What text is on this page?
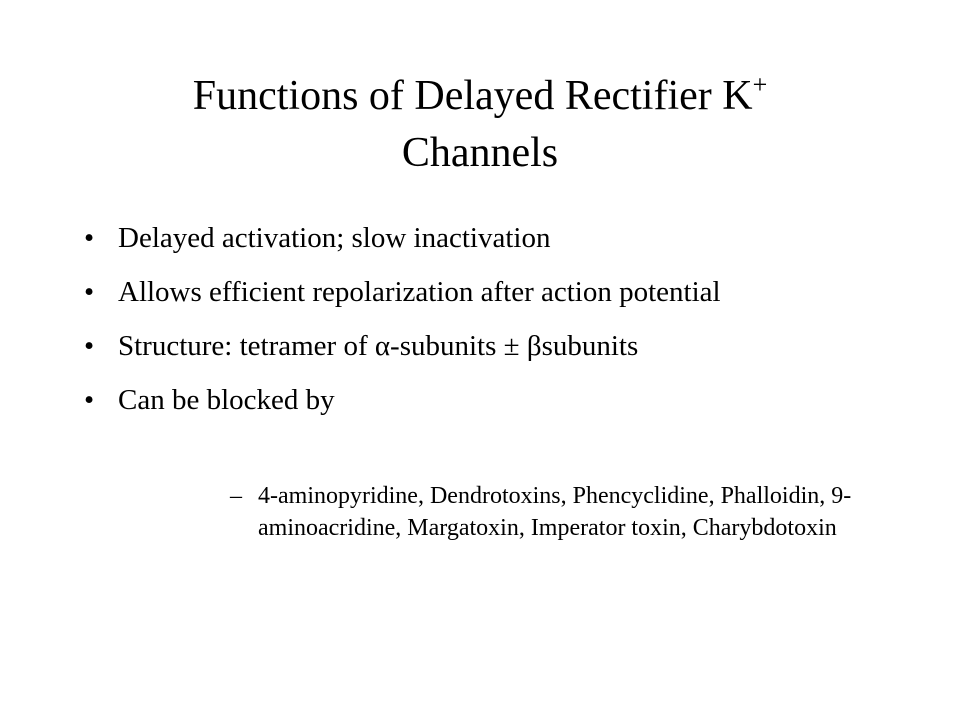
Functions of Delayed Rectifier K+
Channels
• Delayed activation; slow inactivation
• Allows efficient repolarization after action potential
• Structure: tetramer of α-subunits ± βsubunits
• Can be blocked by
– 4-aminopyridine, Dendrotoxins, Phencyclidine, Phalloidin, 9-aminoacridine, Margatoxin, Imperator toxin, Charybdotoxin
